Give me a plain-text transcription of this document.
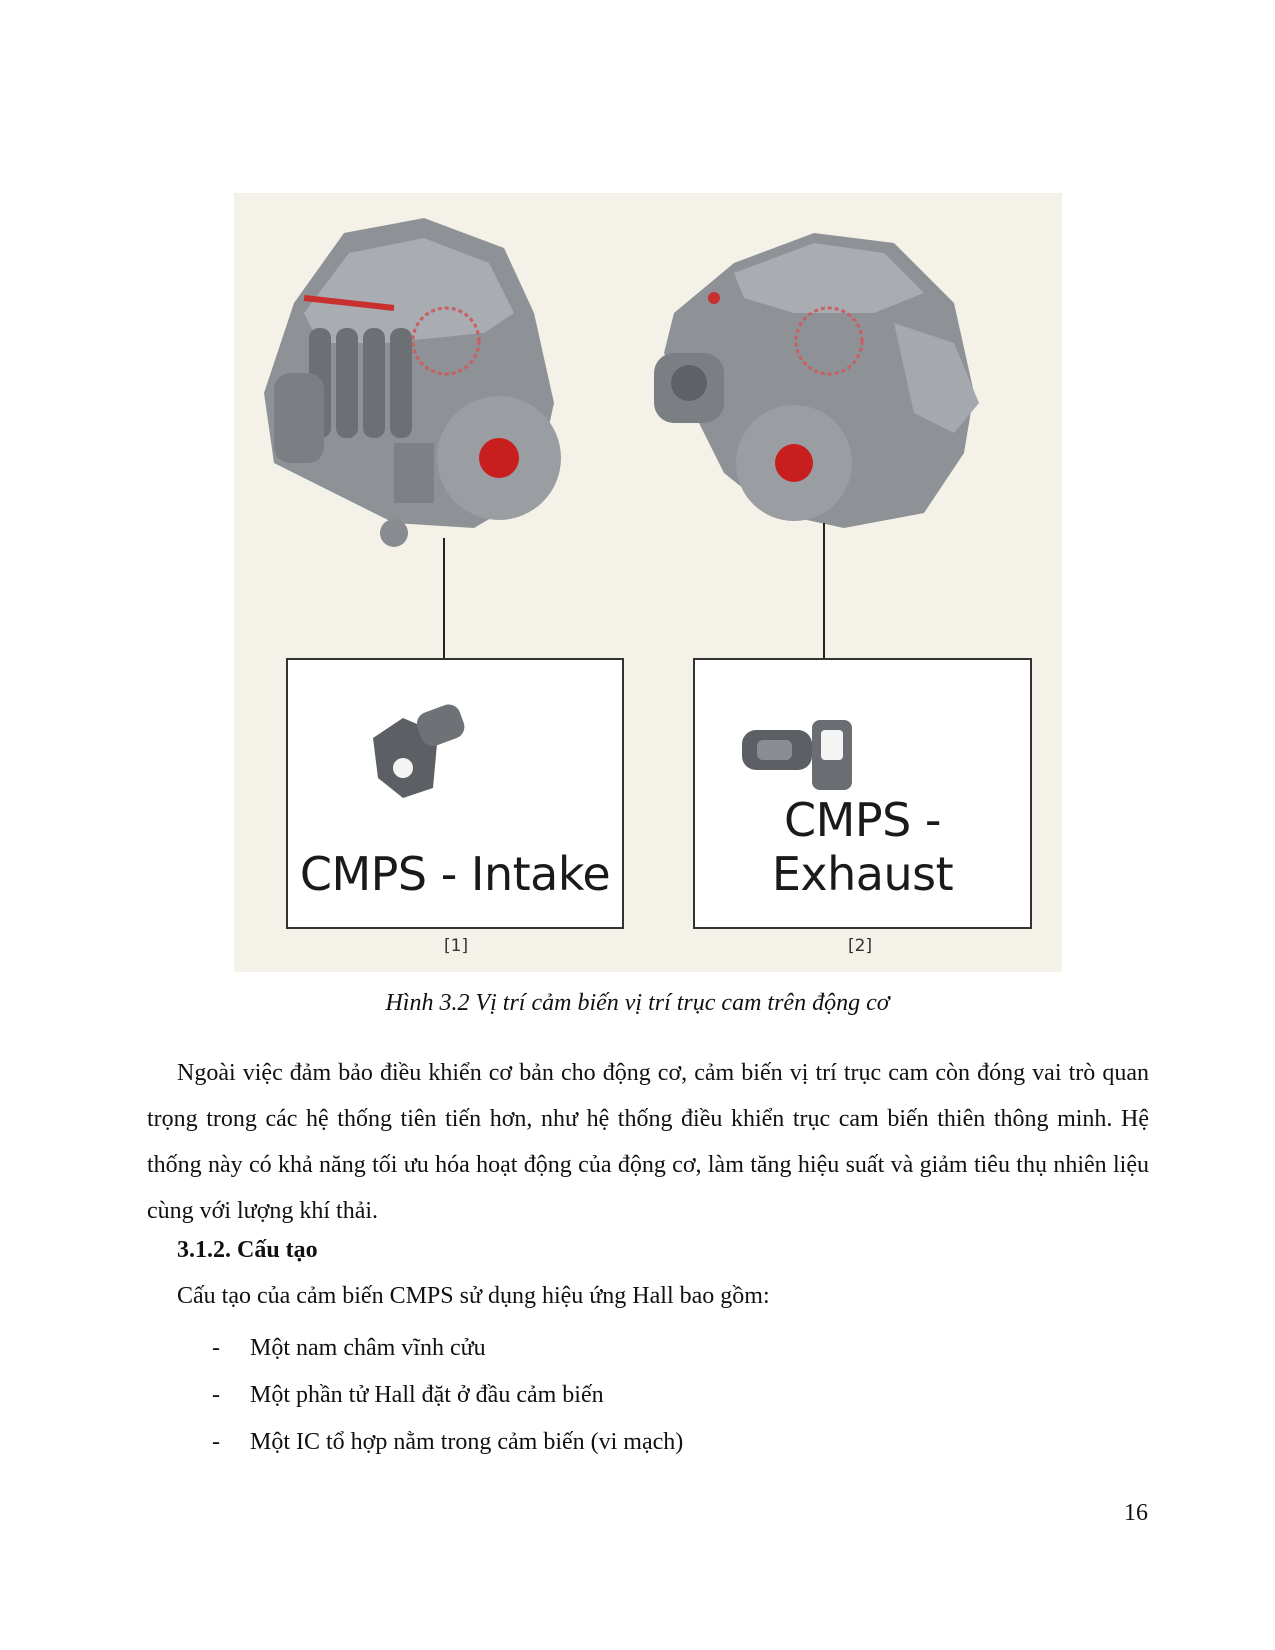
CMPS - Intake
CMPS - Exhaust
[1]	[2]
Hình 3.2 Vị trí cảm biến vị trí trục cam trên động cơ

Ngoài việc đảm bảo điều khiển cơ bản cho động cơ, cảm biến vị trí trục cam còn đóng vai trò quan trọng trong các hệ thống tiên tiến hơn, như hệ thống điều khiển trục cam biến thiên thông minh. Hệ thống này có khả năng tối ưu hóa hoạt động của động cơ, làm tăng hiệu suất và giảm tiêu thụ nhiên liệu cùng với lượng khí thải.

3.1.2. Cấu tạo
Cấu tạo của cảm biến CMPS sử dụng hiệu ứng Hall bao gồm:
-	Một nam châm vĩnh cửu
-	Một phần tử Hall đặt ở đầu cảm biến
-	Một IC tổ hợp nằm trong cảm biến (vi mạch)
16
